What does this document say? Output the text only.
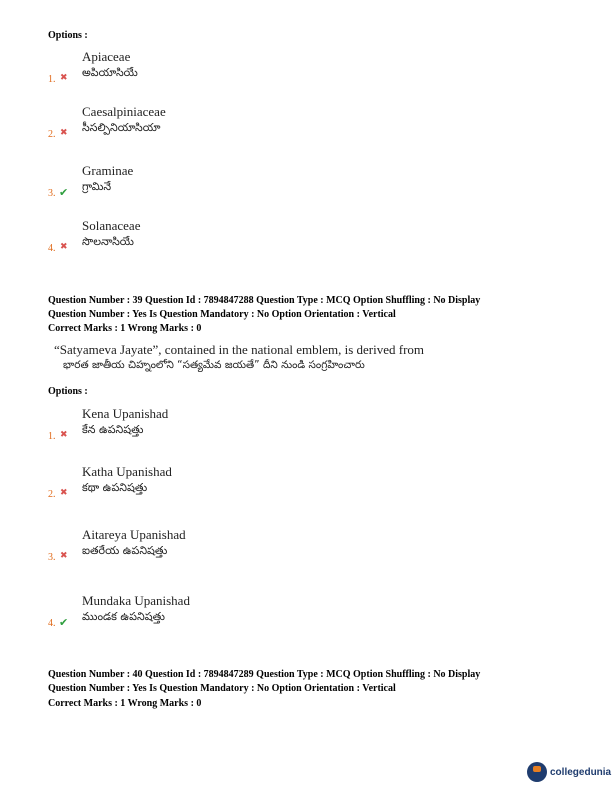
Options :
Apiaceae
అపియాసియే
1. ✖
Caesalpiniaceae
సీసల్పినియాసియా
2. ✖
Graminae
గ్రామినే
3. ✔
Solanaceae
సొలనాసియే
4. ✖
Question Number : 39 Question Id : 7894847288 Question Type : MCQ Option Shuffling : No Display
Question Number : Yes Is Question Mandatory : No Option Orientation : Vertical
Correct Marks : 1 Wrong Marks : 0
“Satyameva Jayate”, contained in the national emblem, is derived from
భారత జాతీయ చిహ్నంలోని “సత్యమేవ జయతే” దీని నుండి సంగ్రహించారు
Options :
Kena Upanishad
కేన ఉపనిషత్తు
1. ✖
Katha Upanishad
కథా ఉపనిషత్తు
2. ✖
Aitareya Upanishad
ఐతరేయ ఉపనిషత్తు
3. ✖
Mundaka Upanishad
ముండక ఉపనిషత్తు
4. ✔
Question Number : 40 Question Id : 7894847289 Question Type : MCQ Option Shuffling : No Display
Question Number : Yes Is Question Mandatory : No Option Orientation : Vertical
Correct Marks : 1 Wrong Marks : 0
collegedunia
